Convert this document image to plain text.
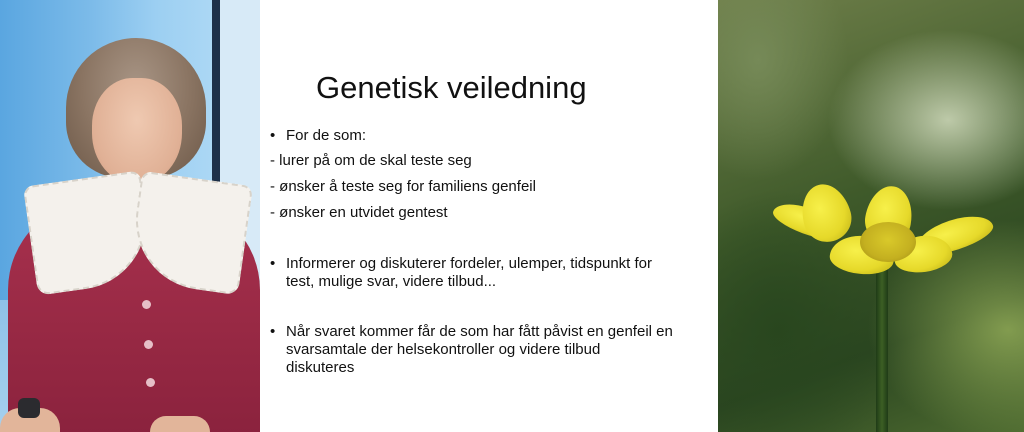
Genetisk veiledning
• For de som:
- lurer på om de skal teste seg
- ønsker å teste seg for familiens genfeil
- ønsker en utvidet gentest
• Informerer og diskuterer fordeler, ulemper, tidspunkt for
test, mulige svar, videre tilbud...
• Når svaret kommer får de som har fått påvist en genfeil en
svarsamtale der helsekontroller og videre tilbud
diskuteres
